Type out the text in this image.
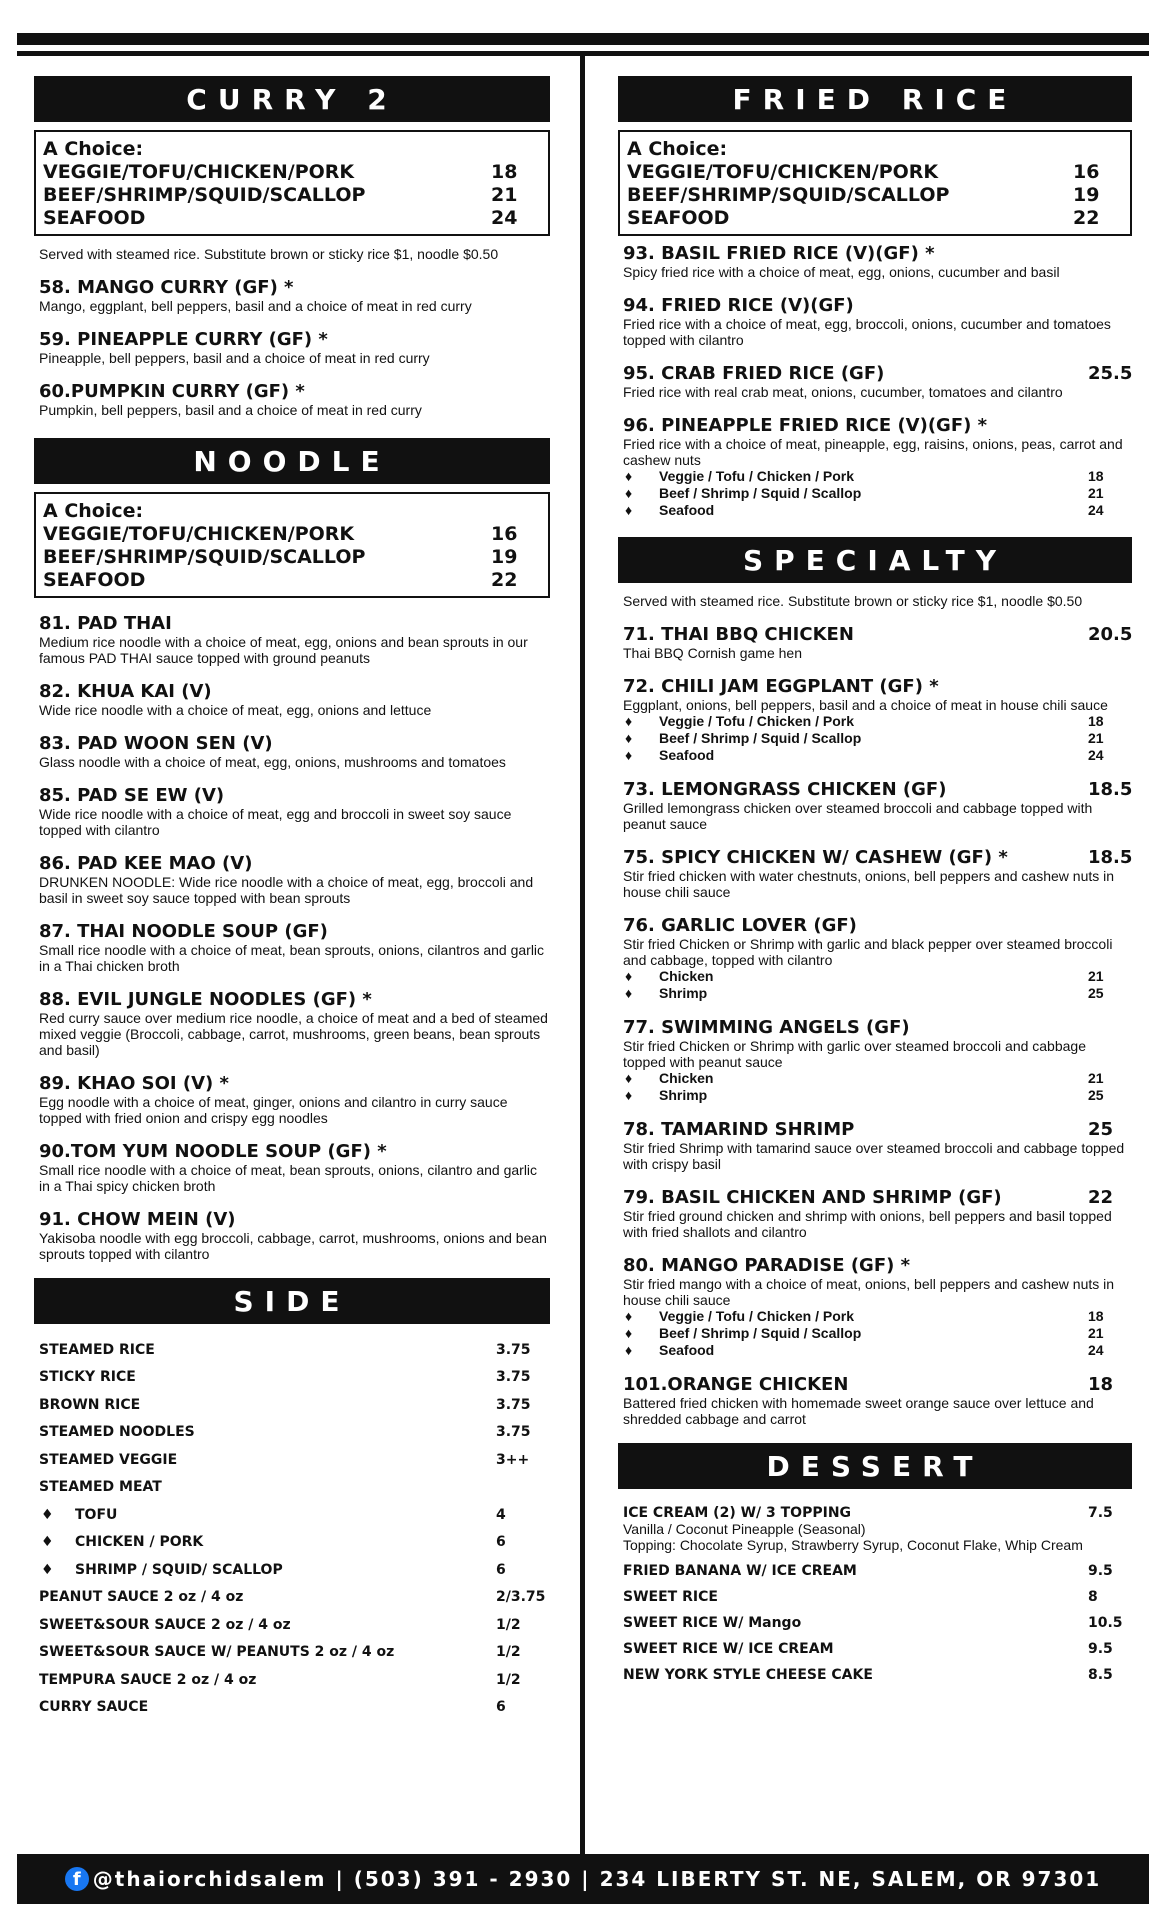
CURRY 2
A Choice:
VEGGIE/TOFU/CHICKEN/PORK	18
BEEF/SHRIMP/SQUID/SCALLOP	21
SEAFOOD	24
Served with steamed rice. Substitute brown or sticky rice $1, noodle $0.50
58. MANGO CURRY (GF) *
Mango, eggplant, bell peppers, basil and a choice of meat in red curry
59. PINEAPPLE CURRY (GF) *
Pineapple, bell peppers, basil and a choice of meat in red curry
60.PUMPKIN CURRY (GF) *
Pumpkin, bell peppers, basil and a choice of meat in red curry
NOODLE
A Choice:
VEGGIE/TOFU/CHICKEN/PORK	16
BEEF/SHRIMP/SQUID/SCALLOP	19
SEAFOOD	22
81. PAD THAI
Medium rice noodle with a choice of meat, egg, onions and bean sprouts in our famous PAD THAI sauce topped with ground peanuts
82. KHUA KAI (V)
Wide rice noodle with a choice of meat, egg, onions and lettuce
83. PAD WOON SEN (V)
Glass noodle with a choice of meat, egg, onions, mushrooms and tomatoes
85. PAD SE EW (V)
Wide rice noodle with a choice of meat, egg and broccoli in sweet soy sauce topped with cilantro
86. PAD KEE MAO (V)
DRUNKEN NOODLE: Wide rice noodle with a choice of meat, egg, broccoli and basil in sweet soy sauce topped with bean sprouts
87. THAI NOODLE SOUP (GF)
Small rice noodle with a choice of meat, bean sprouts, onions, cilantros and garlic in a Thai chicken broth
88. EVIL JUNGLE NOODLES (GF) *
Red curry sauce over medium rice noodle, a choice of meat and a bed of steamed mixed veggie (Broccoli, cabbage, carrot, mushrooms, green beans, bean sprouts and basil)
89. KHAO SOI (V) *
Egg noodle with a choice of meat, ginger, onions and cilantro in curry sauce topped with fried onion and crispy egg noodles
90.TOM YUM NOODLE SOUP (GF) *
Small rice noodle with a choice of meat, bean sprouts, onions, cilantro and garlic in a Thai spicy chicken broth
91. CHOW MEIN (V)
Yakisoba noodle with egg broccoli, cabbage, carrot, mushrooms, onions and bean sprouts topped with cilantro
SIDE
STEAMED RICE	3.75
STICKY RICE	3.75
BROWN RICE	3.75
STEAMED NOODLES	3.75
STEAMED VEGGIE	3++
STEAMED MEAT
♦	TOFU	4
♦	CHICKEN / PORK	6
♦	SHRIMP / SQUID/ SCALLOP	6
PEANUT SAUCE 2 oz / 4 oz	2/3.75
SWEET&SOUR SAUCE 2 oz / 4 oz	1/2
SWEET&SOUR SAUCE W/ PEANUTS 2 oz / 4 oz	1/2
TEMPURA SAUCE 2 oz / 4 oz	1/2
CURRY SAUCE	6
FRIED RICE
A Choice:
VEGGIE/TOFU/CHICKEN/PORK	16
BEEF/SHRIMP/SQUID/SCALLOP	19
SEAFOOD	22
93. BASIL FRIED RICE (V)(GF) *
Spicy fried rice with a choice of meat, egg, onions, cucumber and basil
94. FRIED RICE (V)(GF)
Fried rice with a choice of meat, egg, broccoli, onions, cucumber and tomatoes topped with cilantro
95. CRAB FRIED RICE (GF)	25.5
Fried rice with real crab meat, onions, cucumber, tomatoes and cilantro
96. PINEAPPLE FRIED RICE (V)(GF) *
Fried rice with a choice of meat, pineapple, egg, raisins, onions, peas, carrot and cashew nuts
♦	Veggie / Tofu / Chicken / Pork	18
♦	Beef / Shrimp / Squid / Scallop	21
♦	Seafood	24
SPECIALTY
Served with steamed rice. Substitute brown or sticky rice $1, noodle $0.50
71. THAI BBQ CHICKEN	20.5
Thai BBQ Cornish game hen
72. CHILI JAM EGGPLANT (GF) *
Eggplant, onions, bell peppers, basil and a choice of meat in house chili sauce
♦	Veggie / Tofu / Chicken / Pork	18
♦	Beef / Shrimp / Squid / Scallop	21
♦	Seafood	24
73. LEMONGRASS CHICKEN (GF)	18.5
Grilled lemongrass chicken over steamed broccoli and cabbage topped with peanut sauce
75. SPICY CHICKEN W/ CASHEW (GF) *	18.5
Stir fried chicken with water chestnuts, onions, bell peppers and cashew nuts in house chili sauce
76. GARLIC LOVER (GF)
Stir fried Chicken or Shrimp with garlic and black pepper over steamed broccoli and cabbage, topped with cilantro
♦	Chicken	21
♦	Shrimp	25
77. SWIMMING ANGELS (GF)
Stir fried Chicken or Shrimp with garlic over steamed broccoli and cabbage topped with peanut sauce
♦	Chicken	21
♦	Shrimp	25
78. TAMARIND SHRIMP	25
Stir fried Shrimp with tamarind sauce over steamed broccoli and cabbage topped with crispy basil
79. BASIL CHICKEN AND SHRIMP (GF)	22
Stir fried ground chicken and shrimp with onions, bell peppers and basil topped with fried shallots and cilantro
80. MANGO PARADISE (GF) *
Stir fried mango with a choice of meat, onions, bell peppers and cashew nuts in house chili sauce
♦	Veggie / Tofu / Chicken / Pork	18
♦	Beef / Shrimp / Squid / Scallop	21
♦	Seafood	24
101.ORANGE CHICKEN	18
Battered fried chicken with homemade sweet orange sauce over lettuce and shredded cabbage and carrot
DESSERT
ICE CREAM (2) W/ 3 TOPPING	7.5
Vanilla / Coconut Pineapple (Seasonal)
Topping: Chocolate Syrup, Strawberry Syrup, Coconut Flake, Whip Cream
FRIED BANANA W/ ICE CREAM	9.5
SWEET RICE	8
SWEET RICE W/ Mango	10.5
SWEET RICE W/ ICE CREAM	9.5
NEW YORK STYLE CHEESE CAKE	8.5
f @thaiorchidsalem | (503) 391 - 2930 | 234 LIBERTY ST. NE, SALEM, OR 97301
